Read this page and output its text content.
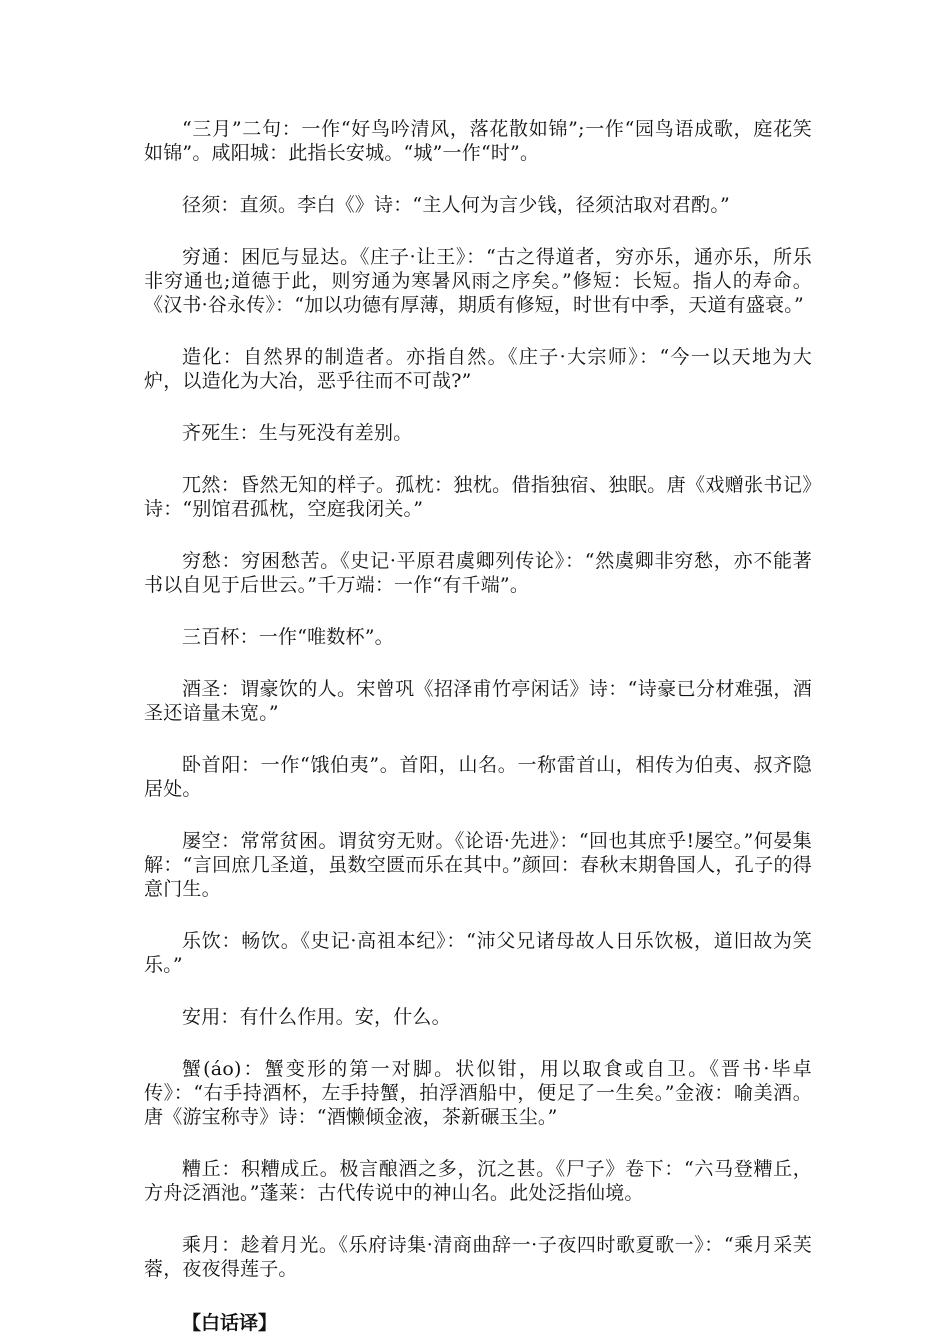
“三月”二句：一作“好鸟吟清风，落花散如锦”;一作“园鸟语成歌，庭花笑如锦”。咸阳城：此指长安城。“城”一作“时”。

径须：直须。李白《》诗：“主人何为言少钱，径须沽取对君酌。”

穷通：困厄与显达。《庄子·让王》：“古之得道者，穷亦乐，通亦乐，所乐非穷通也;道德于此，则穷通为寒暑风雨之序矣。”修短：长短。指人的寿命。《汉书·谷永传》：“加以功德有厚薄，期质有修短，时世有中季，天道有盛衰。”

造化：自然界的制造者。亦指自然。《庄子·大宗师》：“今一以天地为大炉，以造化为大冶，恶乎往而不可哉?”

齐死生：生与死没有差别。

兀然：昏然无知的样子。孤枕：独枕。借指独宿、独眠。唐《戏赠张书记》诗：“别馆君孤枕，空庭我闭关。”

穷愁：穷困愁苦。《史记·平原君虞卿列传论》：“然虞卿非穷愁，亦不能著书以自见于后世云。”千万端：一作“有千端”。

三百杯：一作“唯数杯”。

酒圣：谓豪饮的人。宋曾巩《招泽甫竹亭闲话》诗：“诗豪已分材难强，酒圣还谙量未宽。”

卧首阳：一作“饿伯夷”。首阳，山名。一称雷首山，相传为伯夷、叔齐隐居处。

屡空：常常贫困。谓贫穷无财。《论语·先进》：“回也其庶乎!屡空。”何晏集解：“言回庶几圣道，虽数空匮而乐在其中。”颜回：春秋末期鲁国人，孔子的得意门生。

乐饮：畅饮。《史记·高祖本纪》：“沛父兄诸母故人日乐饮极，道旧故为笑乐。”

安用：有什么作用。安，什么。

蟹(áo)：蟹变形的第一对脚。状似钳，用以取食或自卫。《晋书·毕卓传》：“右手持酒杯，左手持蟹，拍浮酒船中，便足了一生矣。”金液：喻美酒。唐《游宝称寺》诗：“酒懒倾金液，茶新碾玉尘。”

糟丘：积糟成丘。极言酿酒之多，沉之甚。《尸子》卷下：“六马登糟丘，方舟泛酒池。”蓬莱：古代传说中的神山名。此处泛指仙境。

乘月：趁着月光。《乐府诗集·清商曲辞一·子夜四时歌夏歌一》：“乘月采芙蓉，夜夜得莲子。

【白话译】
